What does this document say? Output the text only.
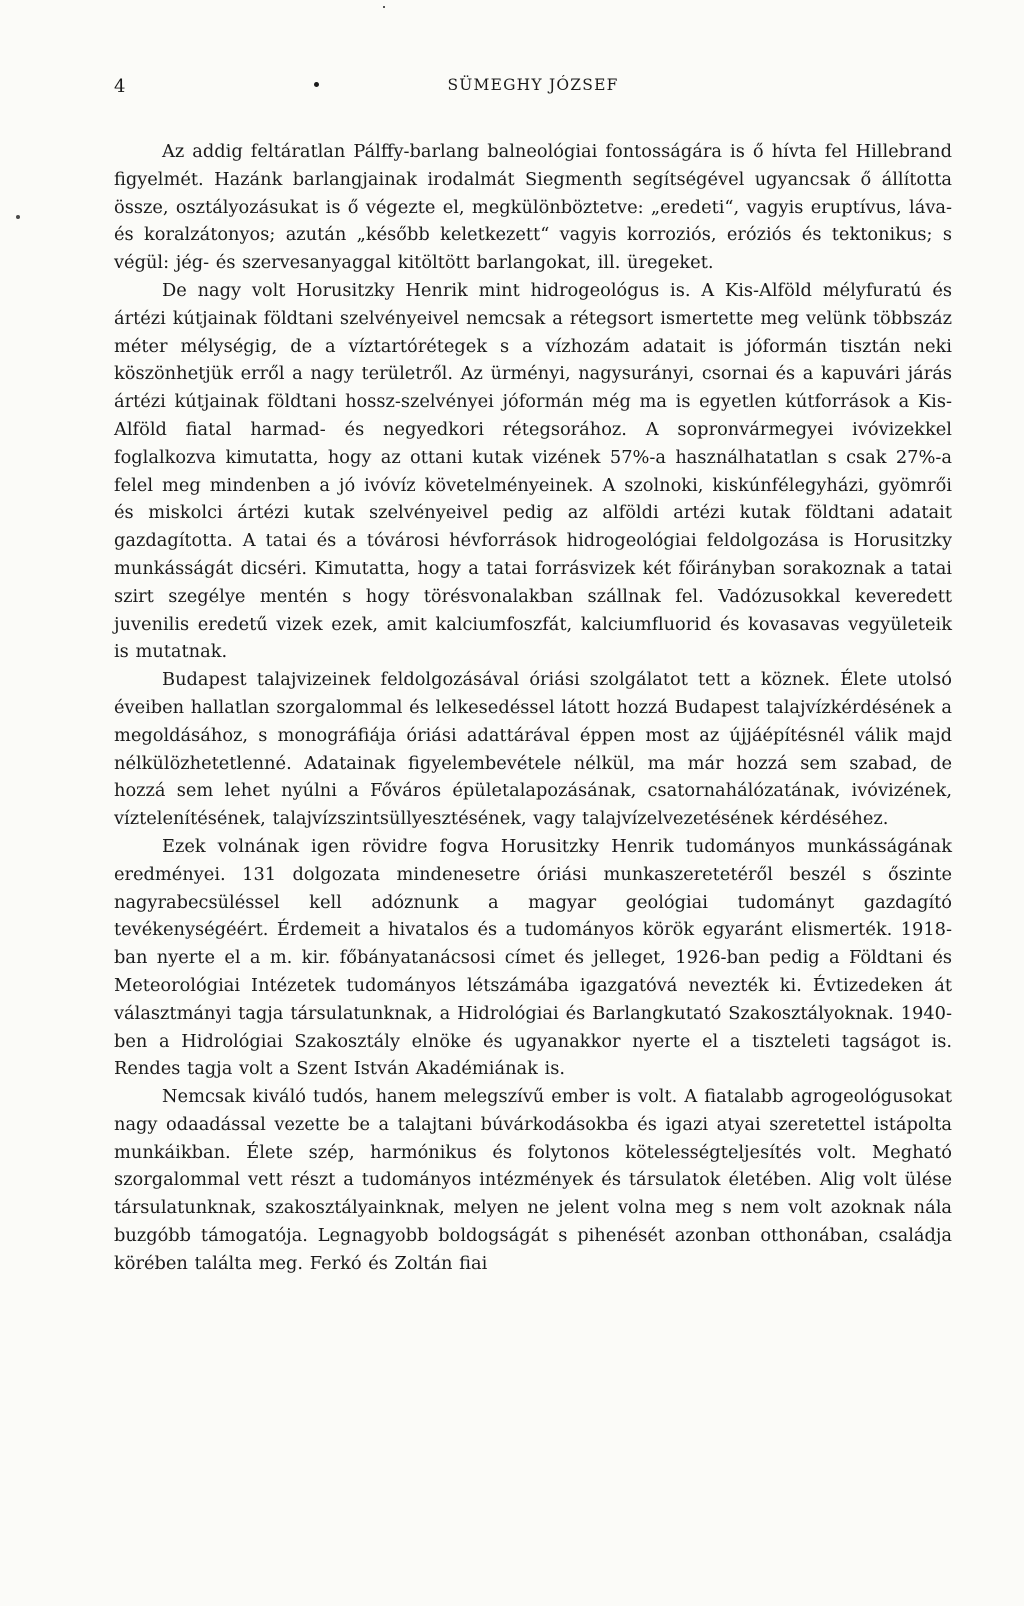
4	SÜMEGHY JÓZSEF

Az addig feltáratlan Pálffy-barlang balneológiai fontosságára is ő hívta fel Hillebrand figyelmét. Hazánk barlangjainak irodalmát Siegmenth segítségével ugyancsak ő állította össze, osztályozásukat is ő végezte el, megkülönböztetve: „eredeti“, vagyis eruptívus, láva- és koralzátonyos; azután „később keletkezett“ vagyis korroziós, eróziós és tektonikus; s végül: jég- és szervesanyaggal kitöltött barlangokat, ill. üregeket.

De nagy volt Horusitzky Henrik mint hidrogeológus is. A Kis-Alföld mélyfuratú és ártézi kútjainak földtani szelvényeivel nemcsak a rétegsort ismertette meg velünk többszáz méter mélységig, de a víztartórétegek s a vízhozám adatait is jóformán tisztán neki köszönhetjük erről a nagy területről. Az ürményi, nagysurányi, csornai és a kapuvári járás ártézi kútjainak földtani hossz-szelvényei jóformán még ma is egyetlen kútforrások a Kis-Alföld fiatal harmad- és negyedkori rétegsorához. A sopronvármegyei ivóvizekkel foglalkozva kimutatta, hogy az ottani kutak vizének 57%-a használhatatlan s csak 27%-a felel meg mindenben a jó ivóvíz követelményeinek. A szolnoki, kiskúnfélegyházi, gyömrői és miskolci ártézi kutak szelvényeivel pedig az alföldi artézi kutak földtani adatait gazdagította. A tatai és a tóvárosi hévforrások hidrogeológiai feldolgozása is Horusitzky munkásságát dicséri. Kimutatta, hogy a tatai forrásvizek két főirányban sorakoznak a tatai szirt szegélye mentén s hogy törésvonalakban szállnak fel. Vadózusokkal keveredett juvenilis eredetű vizek ezek, amit kalciumfoszfát, kalciumfluorid és kovasavas vegyületeik is mutatnak.

Budapest talajvizeinek feldolgozásával óriási szolgálatot tett a köznek. Élete utolsó éveiben hallatlan szorgalommal és lelkesedéssel látott hozzá Budapest talajvízkérdésének a megoldásához, s monográfiája óriási adattárával éppen most az újjáépítésnél válik majd nélkülözhetetlenné. Adatainak figyelembevétele nélkül, ma már hozzá sem szabad, de hozzá sem lehet nyúlni a Főváros épületalapozásának, csatornahálózatának, ivóvizének, víztelenítésének, talajvízszintsüllyesztésének, vagy talajvízelvezetésének kérdéséhez.

Ezek volnának igen rövidre fogva Horusitzky Henrik tudományos munkásságának eredményei. 131 dolgozata mindenesetre óriási munkaszeretetéről beszél s őszinte nagyrabecsüléssel kell adóznunk a magyar geológiai tudományt gazdagító tevékenységéért. Érdemeit a hivatalos és a tudományos körök egyaránt elismerték. 1918-ban nyerte el a m. kir. főbányatanácsosi címet és jelleget, 1926-ban pedig a Földtani és Meteorológiai Intézetek tudományos létszámába igazgatóvá nevezték ki. Évtizedeken át választmányi tagja társulatunknak, a Hidrológiai és Barlangkutató Szakosztályoknak. 1940-ben a Hidrológiai Szakosztály elnöke és ugyanakkor nyerte el a tiszteleti tagságot is. Rendes tagja volt a Szent István Akadémiának is.

Nemcsak kiváló tudós, hanem melegszívű ember is volt. A fiatalabb agrogeológusokat nagy odaadással vezette be a talajtani búvárkodásokba és igazi atyai szeretettel istápolta munkáikban. Élete szép, harmónikus és folytonos kötelességteljesítés volt. Megható szorgalommal vett részt a tudományos intézmények és társulatok életében. Alig volt ülése társulatunknak, szakosztályainknak, melyen ne jelent volna meg s nem volt azoknak nála buzgóbb támogatója. Legnagyobb boldogságát s pihenését azonban otthonában, családja körében találta meg. Ferkó és Zoltán fiai
